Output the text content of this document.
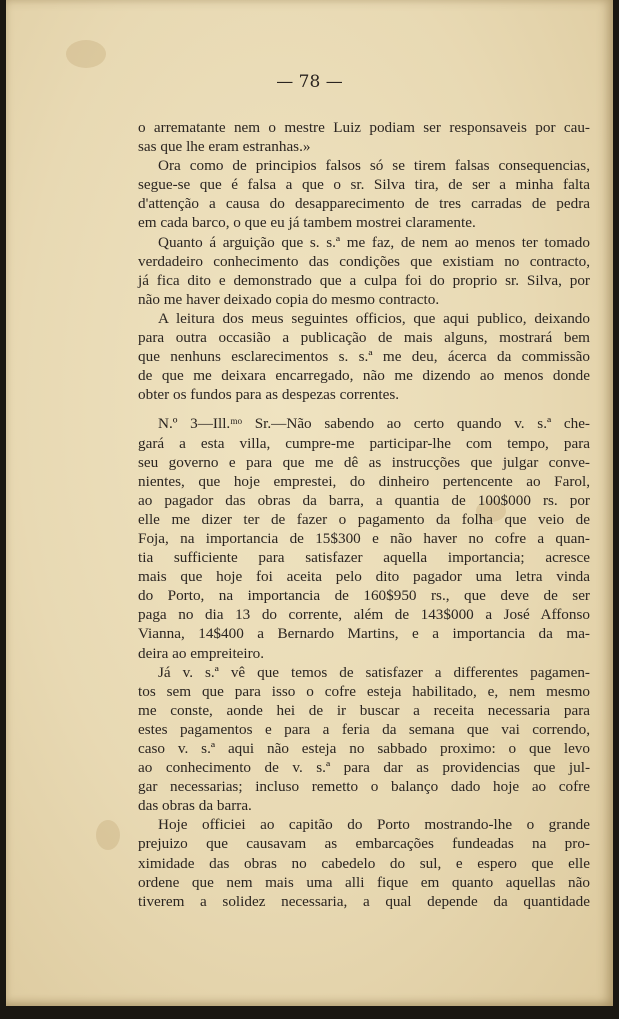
— 78 —
o arrematante nem o mestre Luiz podiam ser responsaveis por cau-
sas que lhe eram estranhas.»
Ora como de principios falsos só se tirem falsas consequencias,
segue-se que é falsa a que o sr. Silva tira, de ser a minha falta
d'attenção a causa do desapparecimento de tres carradas de pedra
em cada barco, o que eu já tambem mostrei claramente.
Quanto á arguição que s. s.ª me faz, de nem ao menos ter tomado
verdadeiro conhecimento das condições que existiam no contracto,
já fica dito e demonstrado que a culpa foi do proprio sr. Silva, por
não me haver deixado copia do mesmo contracto.
A leitura dos meus seguintes officios, que aqui publico, deixando
para outra occasião a publicação de mais alguns, mostrará bem
que nenhuns esclarecimentos s. s.ª me deu, ácerca da commissão
de que me deixara encarregado, não me dizendo ao menos donde
obter os fundos para as despezas correntes.
N.º 3—Ill.ᵐᵒ Sr.—Não sabendo ao certo quando v. s.ª che-
gará a esta villa, cumpre-me participar-lhe com tempo, para
seu governo e para que me dê as instrucções que julgar conve-
nientes, que hoje emprestei, do dinheiro pertencente ao Farol,
ao pagador das obras da barra, a quantia de 100$000 rs. por
elle me dizer ter de fazer o pagamento da folha que veio de
Foja, na importancia de 15$300 e não haver no cofre a quan-
tia sufficiente para satisfazer aquella importancia; acresce
mais que hoje foi aceita pelo dito pagador uma letra vinda
do Porto, na importancia de 160$950 rs., que deve de ser
paga no dia 13 do corrente, além de 143$000 a José Affonso
Vianna, 14$400 a Bernardo Martins, e a importancia da ma-
deira ao empreiteiro.
Já v. s.ª vê que temos de satisfazer a differentes pagamen-
tos sem que para isso o cofre esteja habilitado, e, nem mesmo
me conste, aonde hei de ir buscar a receita necessaria para
estes pagamentos e para a feria da semana que vai correndo,
caso v. s.ª aqui não esteja no sabbado proximo: o que levo
ao conhecimento de v. s.ª para dar as providencias que jul-
gar necessarias; incluso remetto o balanço dado hoje ao cofre
das obras da barra.
Hoje officiei ao capitão do Porto mostrando-lhe o grande
prejuizo que causavam as embarcações fundeadas na pro-
ximidade das obras no cabedelo do sul, e espero que elle
ordene que nem mais uma alli fique em quanto aquellas não
tiverem a solidez necessaria, a qual depende da quantidade
